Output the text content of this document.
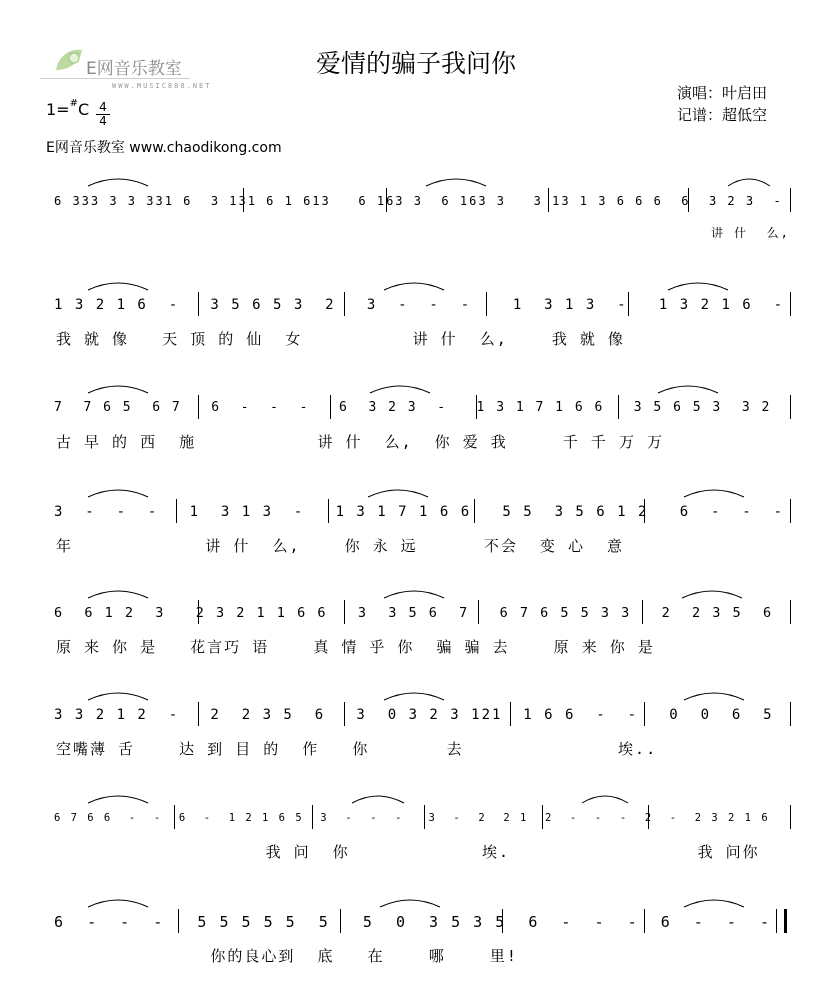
E网音乐教室
WWW.MUSIC888.NET
爱情的骗子我问你
演唱：叶启田
记谱：超低空
1=#C 4
4
E网音乐教室 www.chaodikong.com
6 333 3 3 331 6  3 131 6 1 613   6 163 3  6 163 3   3 13 1 3 6 6 6  6  3 2 3  -
讲 什  么,
1 3 2 1 6  -   3 5 6 5 3  2   3  -  -  -    1  3 1 3  -   1 3 2 1 6  -
我 就 像   天 顶 的 仙  女          讲 什  么,    我 就 像
7  7 6 5  6 7   6  -  -  -   6  3 2 3  -   1 3 1 7 1 6 6   3 5 6 5 3  3 2
古 早 的 西  施           讲 什  么,  你 爱 我     千 千 万 万
3  -  -  -   1  3 1 3  -   1 3 1 7 1 6 6   5 5  3 5 6 1 2   6  -  -  -
年            讲 什  么,    你 永 远      不会  变 心  意
6  6 1 2  3   2 3 2 1 1 6 6   3  3 5 6  7   6 7 6 5 5 3 3   2  2 3 5  6
原 来 你 是   花言巧 语    真 情 乎 你  骗 骗 去    原 来 你 是
3 3 2 1 2  -   2  2 3 5  6   3  0 3 2 3 121  1 6 6  -  -   0  0  6  5
空嘴薄 舌    达 到 目 的  作   你       去              埃..
6 7 6 6  -  -  6  -  1 2 1 6 5  3  -  -  -   3  -  2  2 1  2  -  -  -  2  -  2 3 2 1 6
我 问  你            埃.                 我 问你
6  -  -  -   5 5 5 5 5  5   5  0  3 5 3 5  6  -  -  -  6  -  -  -
你的良心到  底   在    哪    里!
